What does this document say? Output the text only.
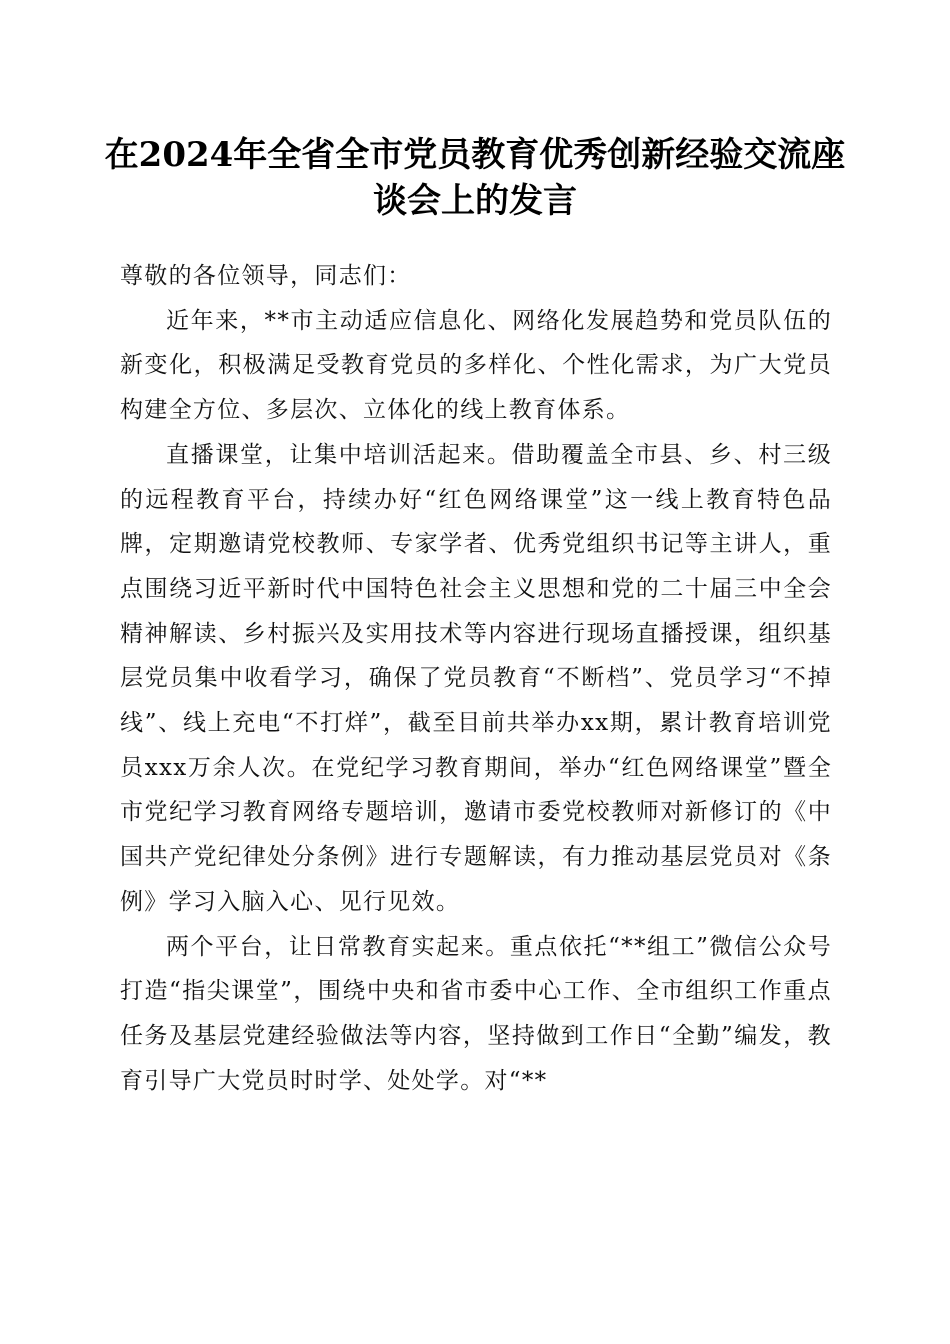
在2024年全省全市党员教育优秀创新经验交流座谈会上的发言

尊敬的各位领导，同志们：

近年来，**市主动适应信息化、网络化发展趋势和党员队伍的新变化，积极满足受教育党员的多样化、个性化需求，为广大党员构建全方位、多层次、立体化的线上教育体系。

直播课堂，让集中培训活起来。借助覆盖全市县、乡、村三级的远程教育平台，持续办好“红色网络课堂”这一线上教育特色品牌，定期邀请党校教师、专家学者、优秀党组织书记等主讲人，重点围绕习近平新时代中国特色社会主义思想和党的二十届三中全会精神解读、乡村振兴及实用技术等内容进行现场直播授课，组织基层党员集中收看学习，确保了党员教育“不断档”、党员学习“不掉线”、线上充电“不打烊”，截至目前共举办xx期，累计教育培训党员xxx万余人次。在党纪学习教育期间，举办“红色网络课堂”暨全市党纪学习教育网络专题培训，邀请市委党校教师对新修订的《中国共产党纪律处分条例》进行专题解读，有力推动基层党员对《条例》学习入脑入心、见行见效。

两个平台，让日常教育实起来。重点依托“**组工”微信公众号打造“指尖课堂”，围绕中央和省市委中心工作、全市组织工作重点任务及基层党建经验做法等内容，坚持做到工作日“全勤”编发，教育引导广大党员时时学、处处学。对“**
